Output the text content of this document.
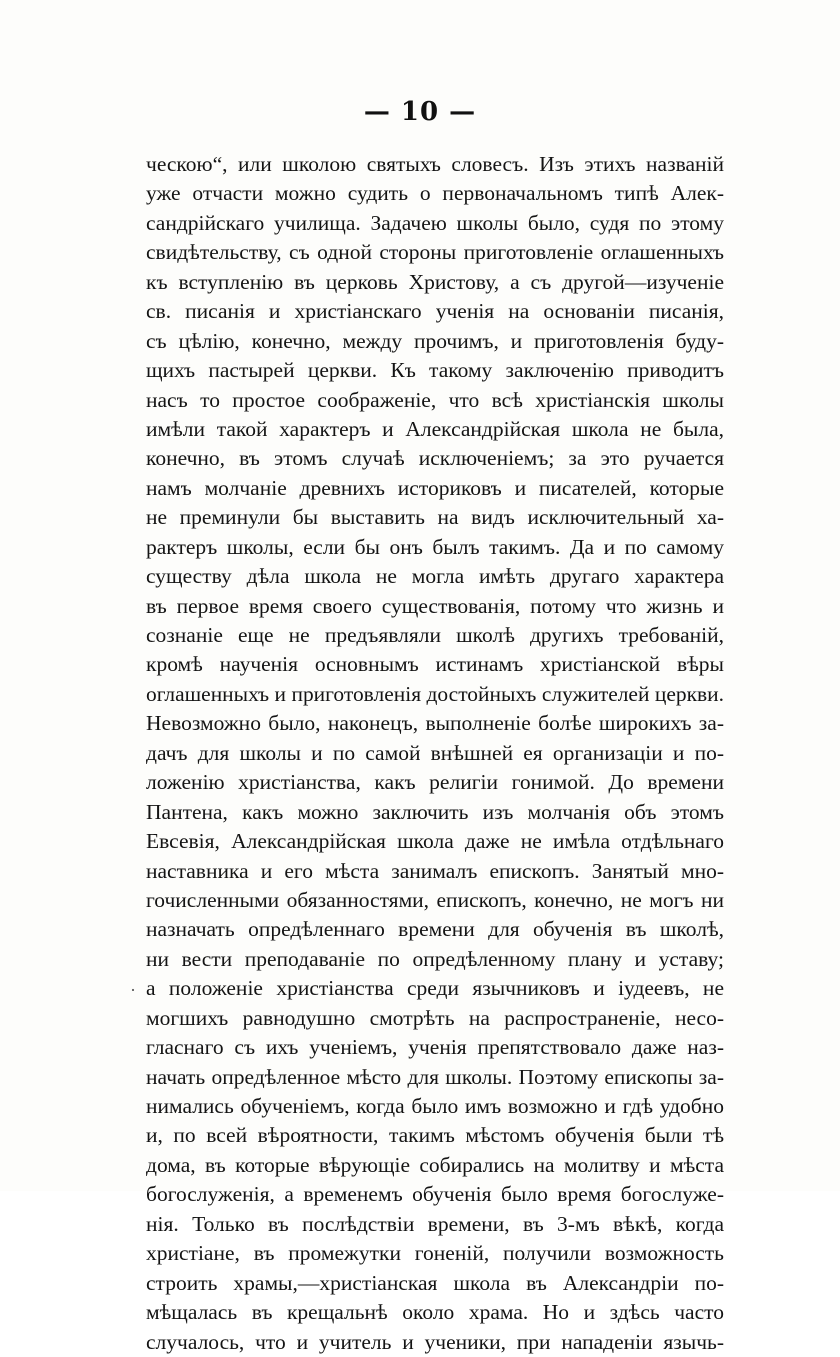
— 10 —
·
ческою“, или школою святыхъ словесъ. Изъ этихъ названій
уже отчасти можно судить о первоначальномъ типѣ Алек-
сандрійскаго училища. Задачею школы было, судя по этому
свидѣтельству, съ одной стороны приготовленіе оглашенныхъ
къ вступленію въ церковь Христову, а съ другой—изученіе
св. писанія и христіанскаго ученія на основаніи писанія,
съ цѣлію, конечно, между прочимъ, и приготовленія буду-
щихъ пастырей церкви. Къ такому заключенію приводитъ
насъ то простое соображеніе, что всѣ христіанскія школы
имѣли такой характеръ и Александрійская школа не была,
конечно, въ этомъ случаѣ исключеніемъ; за это ручается
намъ молчаніе древнихъ историковъ и писателей, которые
не преминули бы выставить на видъ исключительный ха-
рактеръ школы, если бы онъ былъ такимъ. Да и по самому
существу дѣла школа не могла имѣть другаго характера
въ первое время своего существованія, потому что жизнь и
сознаніе еще не предъявляли школѣ другихъ требованій,
кромѣ наученія основнымъ истинамъ христіанской вѣры
оглашенныхъ и приготовленія достойныхъ служителей церкви.
Невозможно было, наконецъ, выполненіе болѣе широкихъ за-
дачъ для школы и по самой внѣшней ея организаціи и по-
ложенію христіанства, какъ религіи гонимой. До времени
Пантена, какъ можно заключить изъ молчанія объ этомъ
Евсевія, Александрійская школа даже не имѣла отдѣльнаго
наставника и его мѣста занималъ епископъ. Занятый мно-
гочисленными обязанностями, епископъ, конечно, не могъ ни
назначать опредѣленнаго времени для обученія въ школѣ,
ни вести преподаваніе по опредѣленному плану и уставу;
а положеніе христіанства среди язычниковъ и іудеевъ, не
могшихъ равнодушно смотрѣть на распространеніе, несо-
гласнаго съ ихъ ученіемъ, ученія препятствовало даже наз-
начать опредѣленное мѣсто для школы. Поэтому епископы за-
нимались обученіемъ, когда было имъ возможно и гдѣ удобно
и, по всей вѣроятности, такимъ мѣстомъ обученія были тѣ
дома, въ которые вѣрующіе собирались на молитву и мѣста
богослуженія, а временемъ обученія было время богослуже-
нія. Только въ послѣдствіи времени, въ 3-мъ вѣкѣ, когда
христіане, въ промежутки гоненій, получили возможность
строить храмы,—христіанская школа въ Александріи по-
мѣщалась въ крещальнѣ около храма. Но и здѣсь часто
случалось, что и учитель и ученики, при нападеніи язычь-
